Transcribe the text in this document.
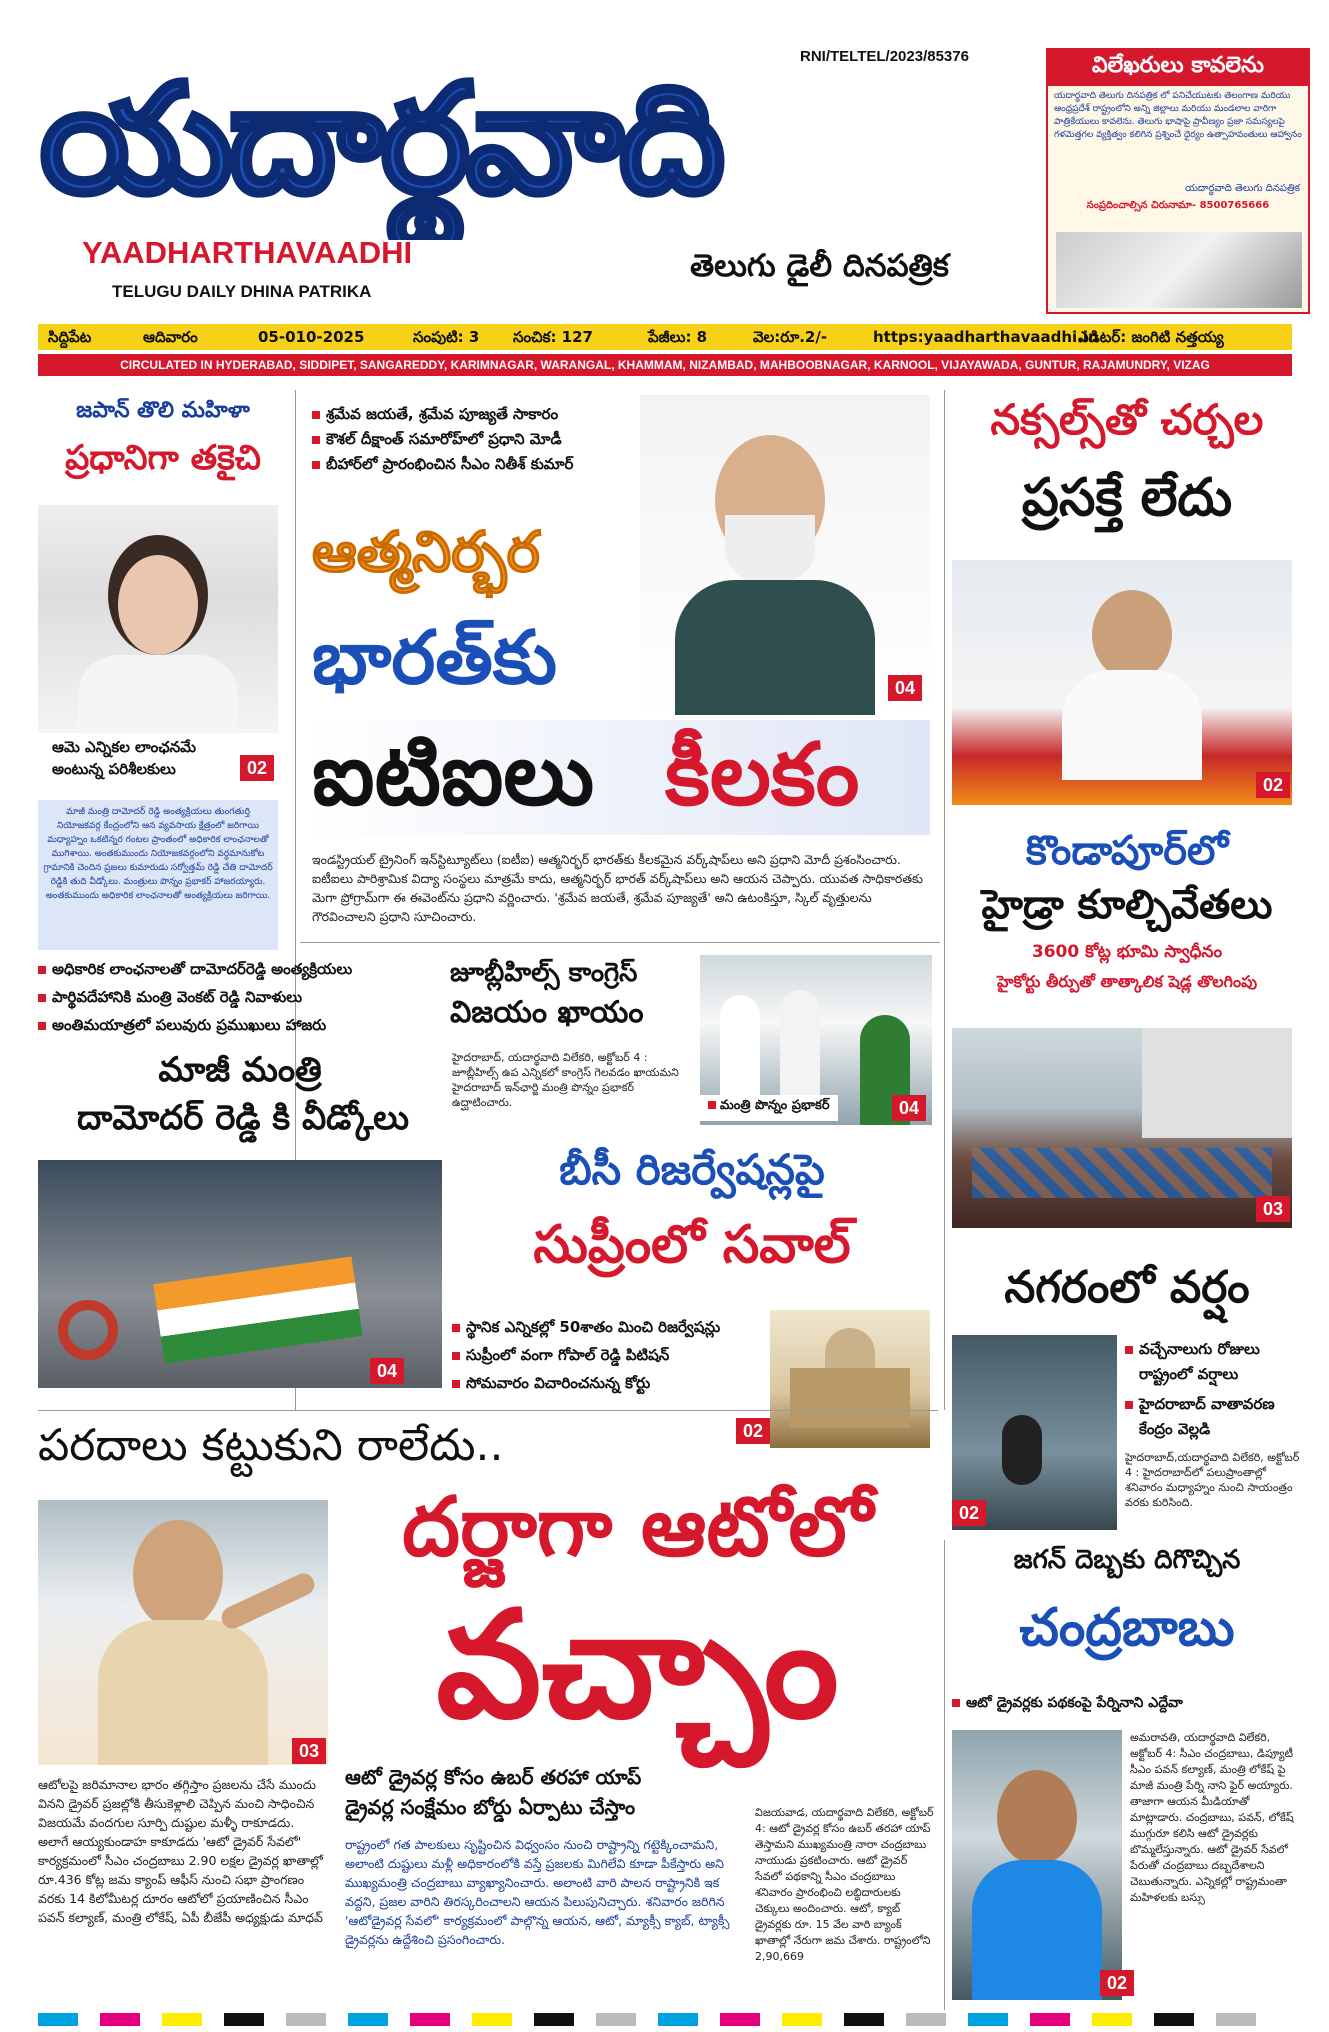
యదార్థవాది	RNI/TELTEL/2023/85376
YAADHARTHAVAADHI
TELUGU DAILY DHINA PATRIKA
తెలుగు డైలీ దినపత్రిక
విలేఖరులు కావలెను
యదార్థవాది తెలుగు దినపత్రిక లో పనిచేయుటకు తెలంగాణ మరియు ఆంధ్రప్రదేశ్ రాష్ట్రంలోని అన్ని జిల్లాలు మరియు మండలాల వారిగా పాత్రికేయులు కావలెను. తెలుగు భాషాపై ప్రావీణ్యం ప్రజా సమస్యలపై గళమెత్తగల వ్యక్తిత్వం కలిగిన ప్రశ్నించే ధైర్యం ఉత్సాహవంతులు ఆహ్వానం
యదార్థవాది తెలుగు దినపత్రిక
సంప్రదించాల్సిన చిరునామా- 8500765666
సిద్దిపేట	ఆదివారం	05-010-2025	సంపుటి: 3 సంచిక: 127	పేజీలు: 8	వెల:రూ.2/-	https:yaadharthavaadhi.in
ఎడిటర్: జంగిటి నత్తయ్య
CIRCULATED IN HYDERABAD, SIDDIPET, SANGAREDDY, KARIMNAGAR, WARANGAL, KHAMMAM, NIZAMBAD, MAHBOOBNAGAR, KARNOOL, VIJAYAWADA, GUNTUR, RAJAMUNDRY, VIZAG
జపాన్ తొలి మహిళా
ప్రధానిగా తకైచి
ఆమె ఎన్నికల లాంఛనమే
అంటున్న పరిశీలకులు	02
మాజీ మంత్రి దామోదర్ రెడ్డి అంత్యక్రియలు తుంగతుర్తి నియోజకవర్గ కేంద్రంలోని ఆన వ్యవసాయ క్షేత్రంలో జరిగాయి మధ్యాహ్నం ఒకటిన్నర గంటల ప్రాంతంలో అధికారిక లాంఛనాలతో ముగిశాయి. అంతకుముందు నియోజకవర్గంలోని వర్ధమానుకోట గ్రామానికి చెందిన ప్రజలు కుమారుడు సర్వోత్తమ్ రెడ్డి చేతి దామోదర్ రెడ్డికి తుది వీడ్కోలు. మంత్రులు పొన్నం ప్రభాకర్ హాజరయ్యారు. అంతకుముందు అధికారిక లాంఛనాలతో అంత్యక్రియలు జరిగాయి.
అధికారిక లాంఛనాలతో దామోదర్‌రెడ్డి అంత్యక్రియలు
పార్థివదేహానికి మంత్రి వెంకట్ రెడ్డి నివాళులు
అంతిమయాత్రలో పలువురు ప్రముఖులు హాజరు
మాజీ మంత్రి
దామోదర్ రెడ్డి కి వీడ్కోలు
04
శ్రమేవ జయతే, శ్రమేవ పూజ్యతే సాకారం
కౌశల్ దీక్షాంత్ సమారోహ్‌లో ప్రధాని మోడీ
బీహార్‌లో ప్రారంభించిన సీఎం నితీశ్ కుమార్
ఆత్మనిర్భర
భారత్‌కు	04
ఐటిఐలు కీలకం
ఇండస్ట్రియల్ ట్రైనింగ్ ఇన్‌స్టిట్యూట్‌లు (ఐటీఐ) ఆత్మనిర్భర్ భారత్‌కు కీలకమైన వర్క్‌షాప్‌లు అని ప్రధాని మోదీ ప్రశంసించారు. ఐటీఐలు పారిశ్రామిక విద్యా సంస్థలు మాత్రమే కాదు, ఆత్మనిర్భర్ భారత్ వర్క్‌షాప్‌లు అని ఆయన చెప్పారు. యువత సాధికారతకు మెగా ప్రోగ్రామ్‌గా ఈ ఈవెంట్‌ను ప్రధాని వర్ణించారు. 'శ్రమేవ జయతే, శ్రమేవ పూజ్యతే' అని ఉటంకిస్తూ, స్కిల్ వృత్తులను గౌరవించాలని ప్రధాని సూచించారు.
జూబ్లీహిల్స్ కాంగ్రెస్
విజయం ఖాయం
హైదరాబాద్, యదార్థవాది విలేకరి, అక్టోబర్ 4 : జూబ్లీహిల్స్ ఉప ఎన్నికలో కాంగ్రెస్ గెలవడం ఖాయమని హైదరాబాద్ ఇన్‌ఛార్జి మంత్రి పొన్నం ప్రభాకర్ ఉద్ఘాటించారు.	మంత్రి పొన్నం ప్రభాకర్	04
బీసీ రిజర్వేషన్లపై
సుప్రీంలో సవాల్
స్థానిక ఎన్నికల్లో 50శాతం మించి రిజర్వేషన్లు
సుప్రీంలో వంగా గోపాల్ రెడ్డి పిటిషన్
సోమవారం విచారించనున్న కోర్టు
02
నక్సల్స్‌తో చర్చల
ప్రసక్తే లేదు
02
కొండాపూర్‌లో
హైడ్రా కూల్చివేతలు
3600 కోట్ల భూమి స్వాధీనం
హైకోర్టు తీర్పుతో తాత్కాలిక షెడ్ల తొలగింపు
03
నగరంలో వర్షం
02
వచ్చేనాలుగు రోజులు
రాష్ట్రంలో వర్షాలు
హైదరాబాద్ వాతావరణ
కేంద్రం వెల్లడి
హైదరాబాద్,యదార్థవాది విలేకరి, అక్టోబర్ 4 : హైదరాబాద్‌లో పలుప్రాంతాల్లో శనివారం మధ్యాహ్నం నుంచి సాయంత్రం వరకు కురిసింది.
పరదాలు కట్టుకుని రాలేదు..
03
దర్జాగా ఆటోలో
వచ్చాం
ఆటో డ్రైవర్ల కోసం ఉబర్ తరహా యాప్
డ్రైవర్ల సంక్షేమం బోర్డు ఏర్పాటు చేస్తాం
ఆటోలపై జరిమానాల భారం తగ్గిస్తాం ప్రజలను చేసే ముందు వినని డ్రైవర్ ప్రజల్లోకి తీసుకెళ్లాలి చెప్పిన మంచి సాధించిన విజయమే వందగుల సూర్పి దుష్టుల మళ్ళీ రాకూడదు. అలాగే ఆయ్యకుండాహ కాకూడదు 'ఆటో డ్రైవర్ సేవలో' కార్యక్రమంలో సీఎం చంద్రబాబు 2.90 లక్షల డ్రైవర్ల ఖాతాల్లో రూ.436 కోట్ల జమ క్యాంప్ ఆఫీస్ నుంచి సభా ప్రాంగణం వరకు 14 కిలోమీటర్ల దూరం ఆటోలో ప్రయాణించిన సీఎం పవన్ కల్యాణ్, మంత్రి లోకేష్, ఏపీ బీజేపీ అధ్యక్షుడు మాధవ్
రాష్ట్రంలో గత పాలకులు సృష్టించిన విధ్వంసం నుంచి రాష్ట్రాన్ని గట్టెక్కించామని, అలాంటి దుష్టులు మళ్లీ అధికారంలోకి వస్తే ప్రజలకు మిగిలేవి కూడా పీకేస్తారు అని ముఖ్యమంత్రి చంద్రబాబు వ్యాఖ్యానించారు. అలాంటి వారి పాలన రాష్ట్రానికి ఇక వద్దని, ప్రజల వారిని తిరస్కరించాలని ఆయన పిలుపునిచ్చారు. శనివారం జరిగిన 'ఆటోడ్రైవర్ల సేవలో' కార్యక్రమంలో పాల్గొన్న ఆయన, ఆటో, మ్యాక్సీ క్యాబ్, ట్యాక్సీ డ్రైవర్లను ఉద్దేశించి ప్రసంగించారు.
విజయవాడ, యదార్థవాది విలేకరి, అక్టోబర్ 4: ఆటో డ్రైవర్ల కోసం ఉబర్ తరహా యాప్ తెస్తామని ముఖ్యమంత్రి నారా చంద్రబాబు నాయుడు ప్రకటించారు. ఆటో డ్రైవర్ సేవలో పథకాన్ని సీఎం చంద్రబాబు శనివారం ప్రారంభించి లబ్ధిదారులకు చెక్కులు అందించారు. ఆటో, క్యాబ్ డ్రైవర్లకు రూ. 15 వేల వారి బ్యాంక్ ఖాతాల్లో నేరుగా జమ చేశారు. రాష్ట్రంలోని 2,90,669
జగన్ దెబ్బకు దిగొచ్చిన
చంద్రబాబు
ఆటో డ్రైవర్లకు పథకంపై పేర్నినాని ఎద్దేవా
02
అమరావతి, యదార్థవాది విలేకరి, అక్టోబర్ 4: సీఎం చంద్రబాబు, డిప్యూటీ సీఎం పవన్ కల్యాణ్, మంత్రి లోకేష్ పై మాజీ మంత్రి పేర్ని నాని ఫైర్ అయ్యారు. తాజాగా ఆయన మీడియాతో మాట్లాడారు. చంద్రబాబు, పవన్, లోకేష్ ముగ్గురూ కలిసి ఆటో డ్రైవర్లకు బొమ్మలేస్తున్నారు. ఆటో డ్రైవర్ సేవలో పేరుతో చంద్రబాబు దబ్బదేశాలని చెబుతున్నారు. ఎన్నికల్లో రాష్ట్రమంతా మహిళలకు బస్సు
